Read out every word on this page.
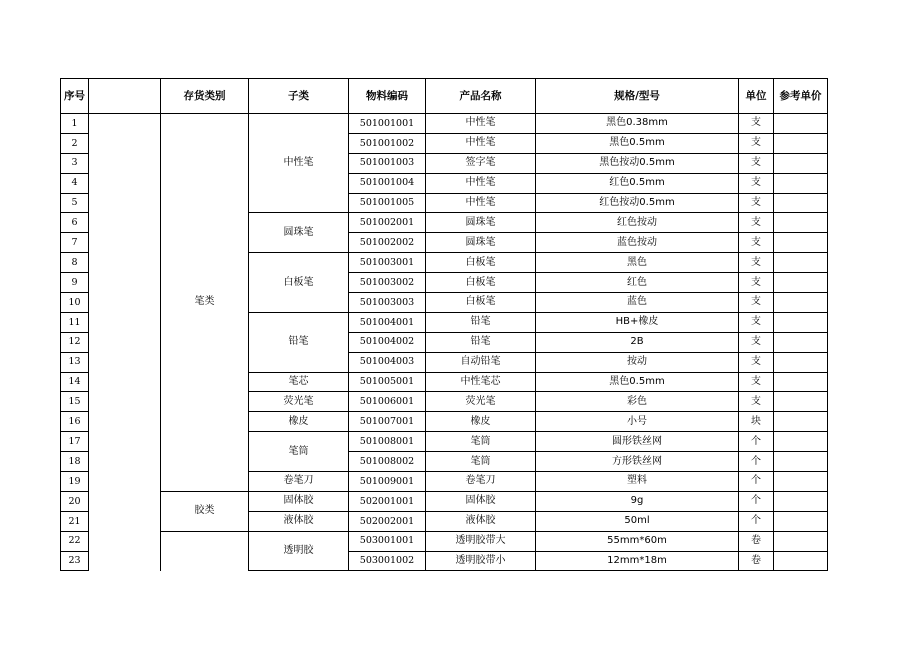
序号		存货类别	子类	物料编码	产品名称	规格/型号	单位	参考单价
1		笔类	中性笔	501001001	中性笔	黑色0.38mm	支	
2				501001002	中性笔	黑色0.5mm	支	
3				501001003	签字笔	黑色按动0.5mm	支	
4				501001004	中性笔	红色0.5mm	支	
5				501001005	中性笔	红色按动0.5mm	支	
6			圆珠笔	501002001	圆珠笔	红色按动	支	
7				501002002	圆珠笔	蓝色按动	支	
8			白板笔	501003001	白板笔	黑色	支	
9				501003002	白板笔	红色	支	
10				501003003	白板笔	蓝色	支	
11			铅笔	501004001	铅笔	HB+橡皮	支	
12				501004002	铅笔	2B	支	
13				501004003	自动铅笔	按动	支	
14			笔芯	501005001	中性笔芯	黑色0.5mm	支	
15			荧光笔	501006001	荧光笔	彩色	支	
16			橡皮	501007001	橡皮	小号	块	
17			笔筒	501008001	笔筒	圆形铁丝网	个	
18				501008002	笔筒	方形铁丝网	个	
19			卷笔刀	501009001	卷笔刀	塑料	个	
20		胶类	固体胶	502001001	固体胶	9g	个	
21			液体胶	502002001	液体胶	50ml	个	
22			透明胶	503001001	透明胶带大	55mm*60m	卷	
23				503001002	透明胶带小	12mm*18m	卷	
